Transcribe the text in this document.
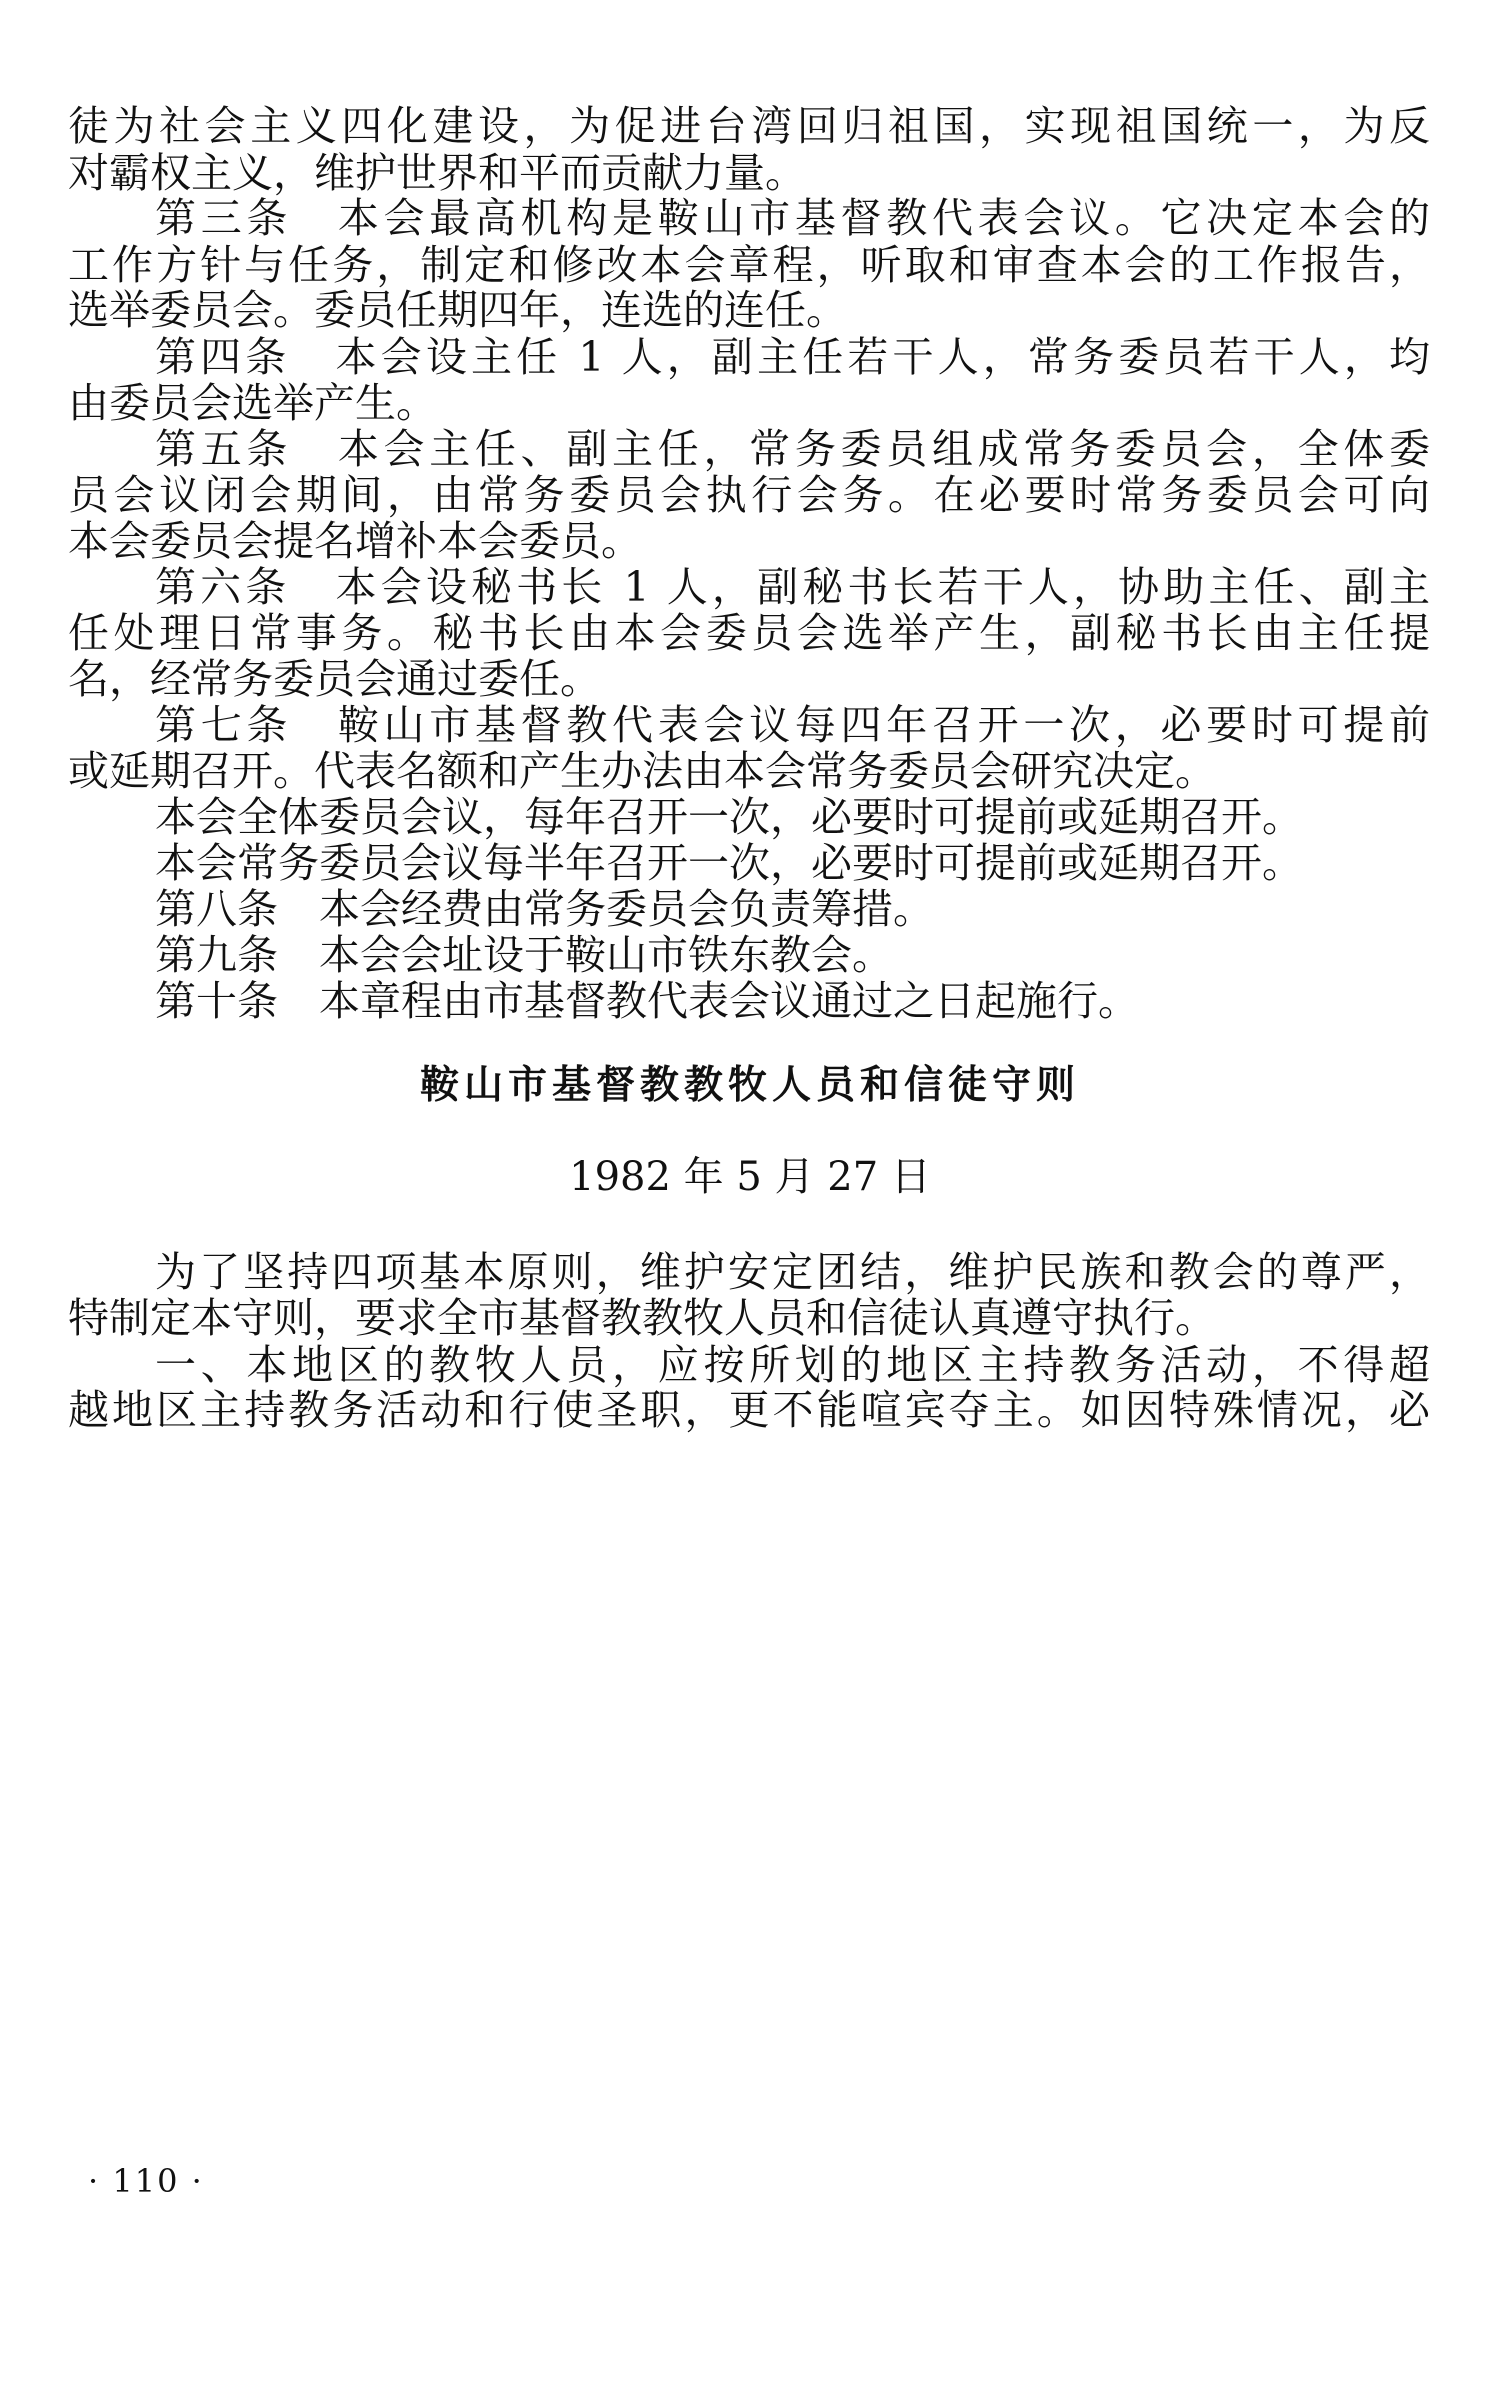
徒为社会主义四化建设，为促进台湾回归祖国，实现祖国统一，为反
对霸权主义，维护世界和平而贡献力量。
第三条　本会最高机构是鞍山市基督教代表会议。它决定本会的
工作方针与任务，制定和修改本会章程，听取和审查本会的工作报告，
选举委员会。委员任期四年，连选的连任。
第四条　本会设主任 1 人，副主任若干人，常务委员若干人，均
由委员会选举产生。
第五条　本会主任、副主任，常务委员组成常务委员会，全体委
员会议闭会期间，由常务委员会执行会务。在必要时常务委员会可向
本会委员会提名增补本会委员。
第六条　本会设秘书长 1 人，副秘书长若干人，协助主任、副主
任处理日常事务。秘书长由本会委员会选举产生，副秘书长由主任提
名，经常务委员会通过委任。
第七条　鞍山市基督教代表会议每四年召开一次，必要时可提前
或延期召开。代表名额和产生办法由本会常务委员会研究决定。
本会全体委员会议，每年召开一次，必要时可提前或延期召开。
本会常务委员会议每半年召开一次，必要时可提前或延期召开。
第八条　本会经费由常务委员会负责筹措。
第九条　本会会址设于鞍山市铁东教会。
第十条　本章程由市基督教代表会议通过之日起施行。
鞍山市基督教教牧人员和信徒守则
1982 年 5 月 27 日
为了坚持四项基本原则，维护安定团结，维护民族和教会的尊严，
特制定本守则，要求全市基督教教牧人员和信徒认真遵守执行。
一、本地区的教牧人员，应按所划的地区主持教务活动，不得超
越地区主持教务活动和行使圣职，更不能喧宾夺主。如因特殊情况，必
· 110 ·
